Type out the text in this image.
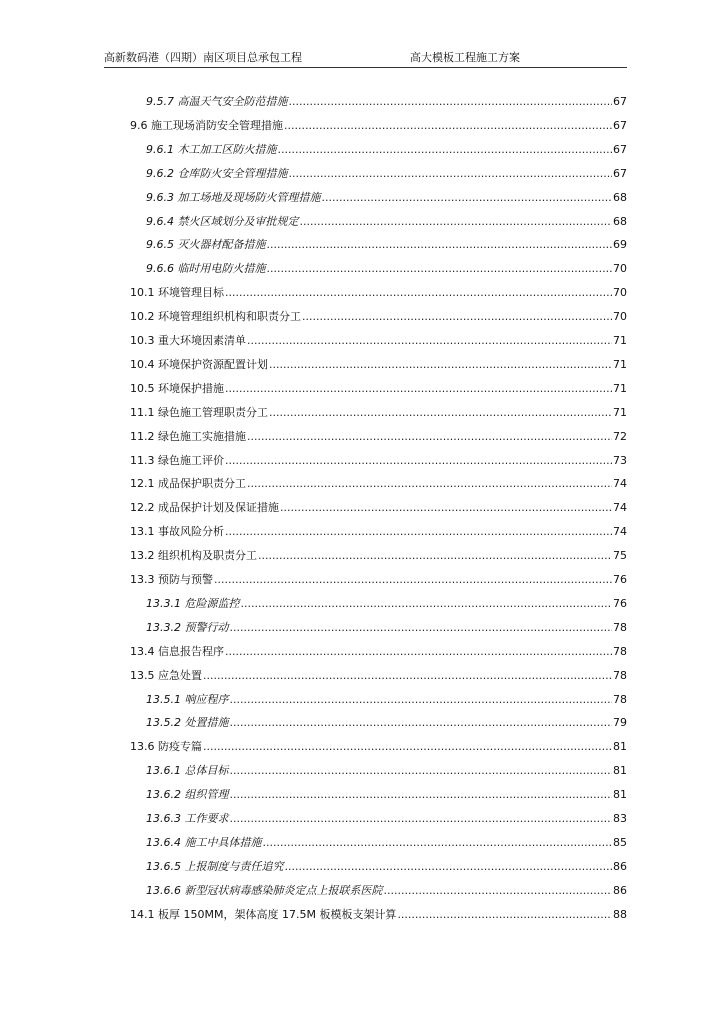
高新数码港（四期）南区项目总承包工程	高大模板工程施工方案
9.5.7 高温天气安全防范措施 .....	67
9.6 施工现场消防安全管理措施 .....	67
9.6.1 木工加工区防火措施 .....	67
9.6.2 仓库防火安全管理措施 .....	67
9.6.3 加工场地及现场防火管理措施 .....	68
9.6.4 禁火区域划分及审批规定 .....	68
9.6.5 灭火器材配备措施 .....	69
9.6.6 临时用电防火措施 .....	70
10.1 环境管理目标 .....	70
10.2 环境管理组织机构和职责分工 .....	70
10.3 重大环境因素清单 .....	71
10.4 环境保护资源配置计划 .....	71
10.5 环境保护措施 .....	71
11.1 绿色施工管理职责分工 .....	71
11.2 绿色施工实施措施 .....	72
11.3 绿色施工评价 .....	73
12.1 成品保护职责分工 .....	74
12.2 成品保护计划及保证措施 .....	74
13.1 事故风险分析 .....	74
13.2 组织机构及职责分工 .....	75
13.3 预防与预警 .....	76
13.3.1 危险源监控 .....	76
13.3.2 预警行动 .....	78
13.4 信息报告程序 .....	78
13.5 应急处置 .....	78
13.5.1 响应程序 .....	78
13.5.2 处置措施 .....	79
13.6 防疫专篇 .....	81
13.6.1 总体目标 .....	81
13.6.2 组织管理 .....	81
13.6.3 工作要求 .....	83
13.6.4 施工中具体措施 .....	85
13.6.5 上报制度与责任追究 .....	86
13.6.6 新型冠状病毒感染肺炎定点上报联系医院 .....	86
14.1 板厚 150MM，架体高度 17.5M 板模板支架计算 .....	88
